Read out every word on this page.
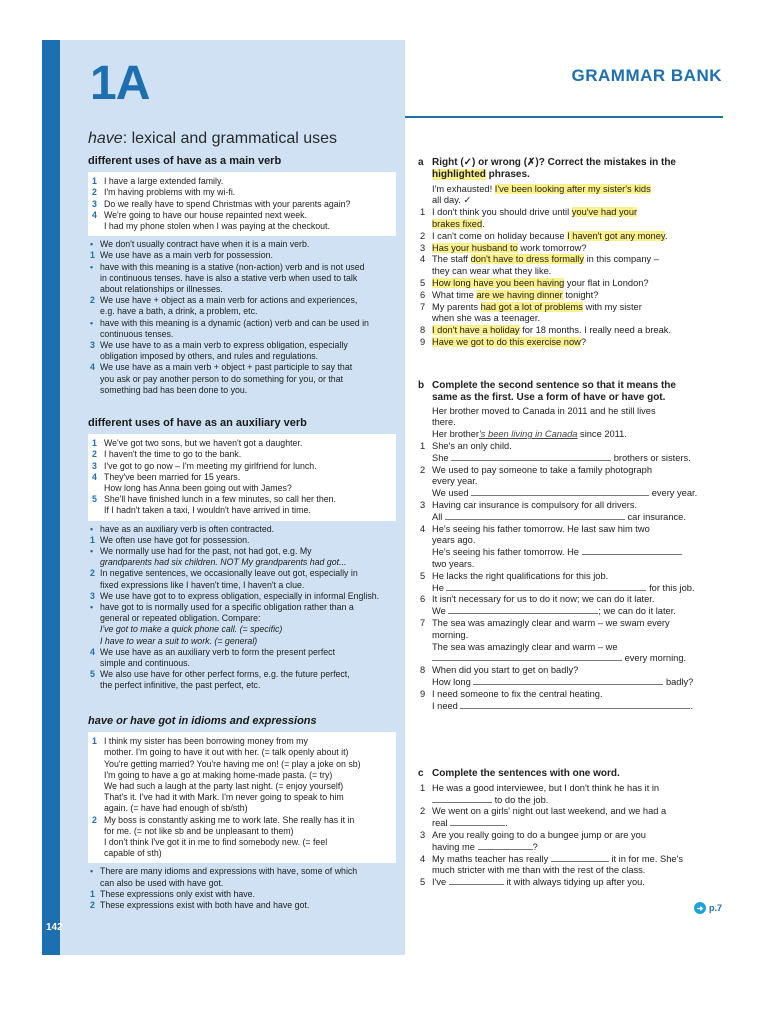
142
1A	GRAMMAR BANK
have: lexical and grammatical uses
different uses of have as a main verb
1 I have a large extended family.
2 I'm having problems with my wi-fi.
3 Do we really have to spend Christmas with your parents again?
4 We're going to have our house repainted next week.
I had my phone stolen when I was paying at the checkout.
• We don't usually contract have when it is a main verb.
1 We use have as a main verb for possession.
• have with this meaning is a stative (non-action) verb and is not used
in continuous tenses. have is also a stative verb when used to talk
about relationships or illnesses.
2 We use have + object as a main verb for actions and experiences,
e.g. have a bath, a drink, a problem, etc.
• have with this meaning is a dynamic (action) verb and can be used in
continuous tenses.
3 We use have to as a main verb to express obligation, especially
obligation imposed by others, and rules and regulations.
4 We use have as a main verb + object + past participle to say that
you ask or pay another person to do something for you, or that
something bad has been done to you.
different uses of have as an auxiliary verb
1 We've got two sons, but we haven't got a daughter.
2 I haven't the time to go to the bank.
3 I've got to go now – I'm meeting my girlfriend for lunch.
4 They've been married for 15 years.
How long has Anna been going out with James?
5 She'll have finished lunch in a few minutes, so call her then.
If I hadn't taken a taxi, I wouldn't have arrived in time.
• have as an auxiliary verb is often contracted.
1 We often use have got for possession.
• We normally use had for the past, not had got, e.g. My
grandparents had six children. NOT My grandparents had got...
2 In negative sentences, we occasionally leave out got, especially in
fixed expressions like I haven't time, I haven't a clue.
3 We use have got to to express obligation, especially in informal English.
• have got to is normally used for a specific obligation rather than a
general or repeated obligation. Compare:
I've got to make a quick phone call. (= specific)
I have to wear a suit to work. (= general)
4 We use have as an auxiliary verb to form the present perfect
simple and continuous.
5 We also use have for other perfect forms, e.g. the future perfect,
the perfect infinitive, the past perfect, etc.
have or have got in idioms and expressions
1 I think my sister has been borrowing money from my
mother. I'm going to have it out with her. (= talk openly about it)
You're getting married? You're having me on! (= play a joke on sb)
I'm going to have a go at making home-made pasta. (= try)
We had such a laugh at the party last night. (= enjoy yourself)
That's it. I've had it with Mark. I'm never going to speak to him
again. (= have had enough of sb/sth)
2 My boss is constantly asking me to work late. She really has it in
for me. (= not like sb and be unpleasant to them)
I don't think I've got it in me to find somebody new. (= feel
capable of sth)
• There are many idioms and expressions with have, some of which
can also be used with have got.
1 These expressions only exist with have.
2 These expressions exist with both have and have got.
a Right (✓) or wrong (✗)? Correct the mistakes in the
highlighted phrases.
I'm exhausted! I've been looking after my sister's kids
all day. ✓
1 I don't think you should drive until you've had your
brakes fixed.
2 I can't come on holiday because I haven't got any money.
3 Has your husband to work tomorrow?
4 The staff don't have to dress formally in this company –
they can wear what they like.
5 How long have you been having your flat in London?
6 What time are we having dinner tonight?
7 My parents had got a lot of problems with my sister
when she was a teenager.
8 I don't have a holiday for 18 months. I really need a break.
9 Have we got to do this exercise now?
b Complete the second sentence so that it means the
same as the first. Use a form of have or have got.
Her brother moved to Canada in 2011 and he still lives
there.
Her brother's been living in Canada since 2011.
1 She's an only child.
She	brothers or sisters.
2 We used to pay someone to take a family photograph
every year.
We used	every year.
3 Having car insurance is compulsory for all drivers.
All	car insurance.
4 He's seeing his father tomorrow. He last saw him two
years ago.
He's seeing his father tomorrow. He
two years.
5 He lacks the right qualifications for this job.
He	for this job.
6 It isn't necessary for us to do it now; we can do it later.
We	; we can do it later.
7 The sea was amazingly clear and warm – we swam every
morning.
The sea was amazingly clear and warm – we
every morning.
8 When did you start to get on badly?
How long	badly?
9 I need someone to fix the central heating.
I need	.
c Complete the sentences with one word.
1 He was a good interviewee, but I don't think he has it in
to do the job.
2 We went on a girls' night out last weekend, and we had a
real	.
3 Are you really going to do a bungee jump or are you
having me	?
4 My maths teacher has really	it in for me. She's
much stricter with me than with the rest of the class.
5 I've	it with always tidying up after you.
➜ p.7
